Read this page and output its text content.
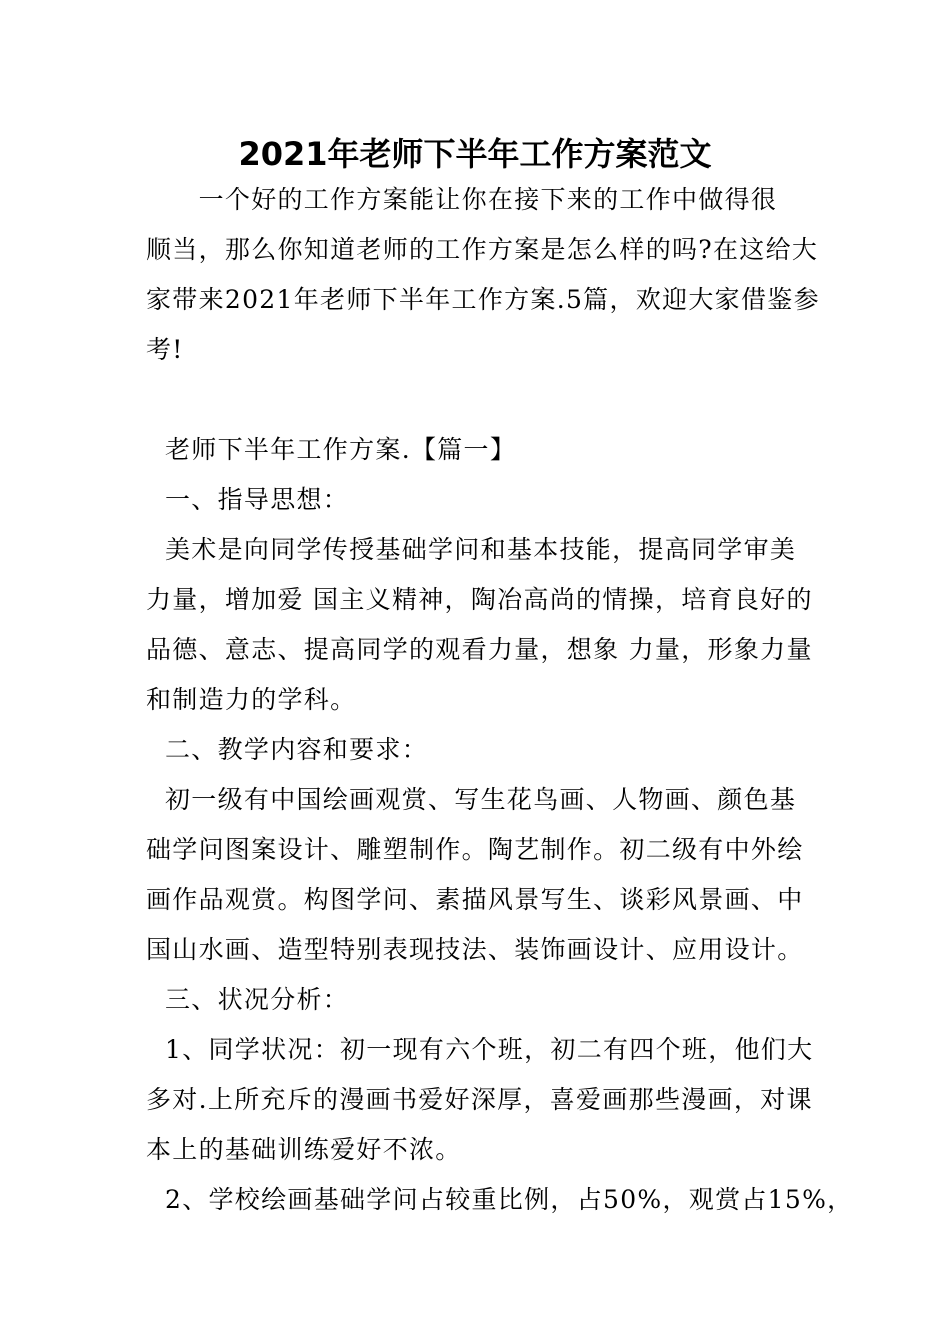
2021年老师下半年工作方案范文
　　一个好的工作方案能让你在接下来的工作中做得很
顺当，那么你知道老师的工作方案是怎么样的吗?在这给大
家带来2021年老师下半年工作方案.5篇，欢迎大家借鉴参
考!
老师下半年工作方案.【篇一】
一、指导思想：
美术是向同学传授基础学问和基本技能，提高同学审美
力量，增加爱 国主义精神，陶冶高尚的情操，培育良好的
品德、意志、提高同学的观看力量，想象 力量，形象力量
和制造力的学科。
二、教学内容和要求：
初一级有中国绘画观赏、写生花鸟画、人物画、颜色基
础学问图案设计、雕塑制作。陶艺制作。初二级有中外绘
画作品观赏。构图学问、素描风景写生、谈彩风景画、中
国山水画、造型特别表现技法、装饰画设计、应用设计。
三、状况分析：
1、同学状况：初一现有六个班，初二有四个班，他们大
多对.上所充斥的漫画书爱好深厚，喜爱画那些漫画，对课
本上的基础训练爱好不浓。
2、学校绘画基础学问占较重比例，占50%，观赏占15%，
